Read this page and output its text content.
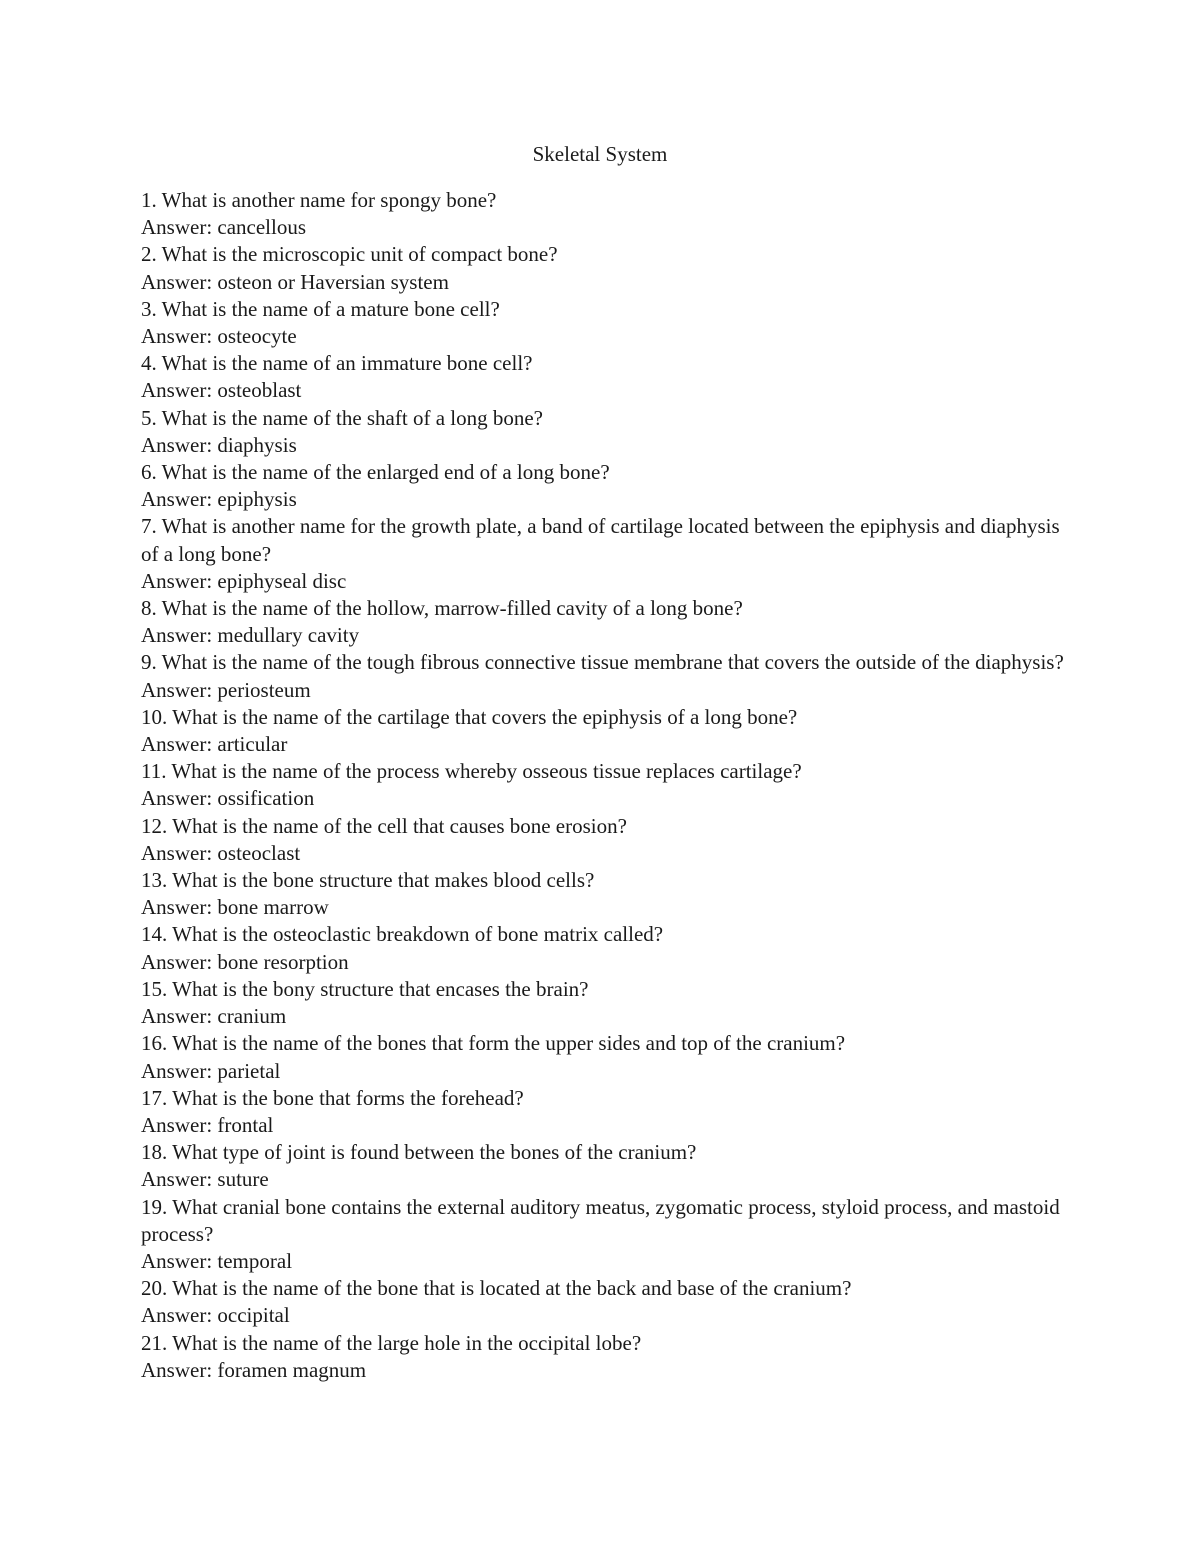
Skeletal System
1. What is another name for spongy bone?
Answer: cancellous
2. What is the microscopic unit of compact bone?
Answer: osteon or Haversian system
3. What is the name of a mature bone cell?
Answer: osteocyte
4. What is the name of an immature bone cell?
Answer: osteoblast
5. What is the name of the shaft of a long bone?
Answer: diaphysis
6. What is the name of the enlarged end of a long bone?
Answer: epiphysis
7. What is another name for the growth plate, a band of cartilage located between the epiphysis and diaphysis of a long bone?
Answer: epiphyseal disc
8. What is the name of the hollow, marrow-filled cavity of a long bone?
Answer: medullary cavity
9. What is the name of the tough fibrous connective tissue membrane that covers the outside of the diaphysis?
Answer: periosteum
10. What is the name of the cartilage that covers the epiphysis of a long bone?
Answer: articular
11. What is the name of the process whereby osseous tissue replaces cartilage?
Answer: ossification
12. What is the name of the cell that causes bone erosion?
Answer: osteoclast
13. What is the bone structure that makes blood cells?
Answer: bone marrow
14. What is the osteoclastic breakdown of bone matrix called?
Answer: bone resorption
15. What is the bony structure that encases the brain?
Answer: cranium
16. What is the name of the bones that form the upper sides and top of the cranium?
Answer: parietal
17. What is the bone that forms the forehead?
Answer: frontal
18. What type of joint is found between the bones of the cranium?
Answer: suture
19. What cranial bone contains the external auditory meatus, zygomatic process, styloid process, and mastoid process?
Answer: temporal
20. What is the name of the bone that is located at the back and base of the cranium?
Answer: occipital
21. What is the name of the large hole in the occipital lobe?
Answer: foramen magnum
